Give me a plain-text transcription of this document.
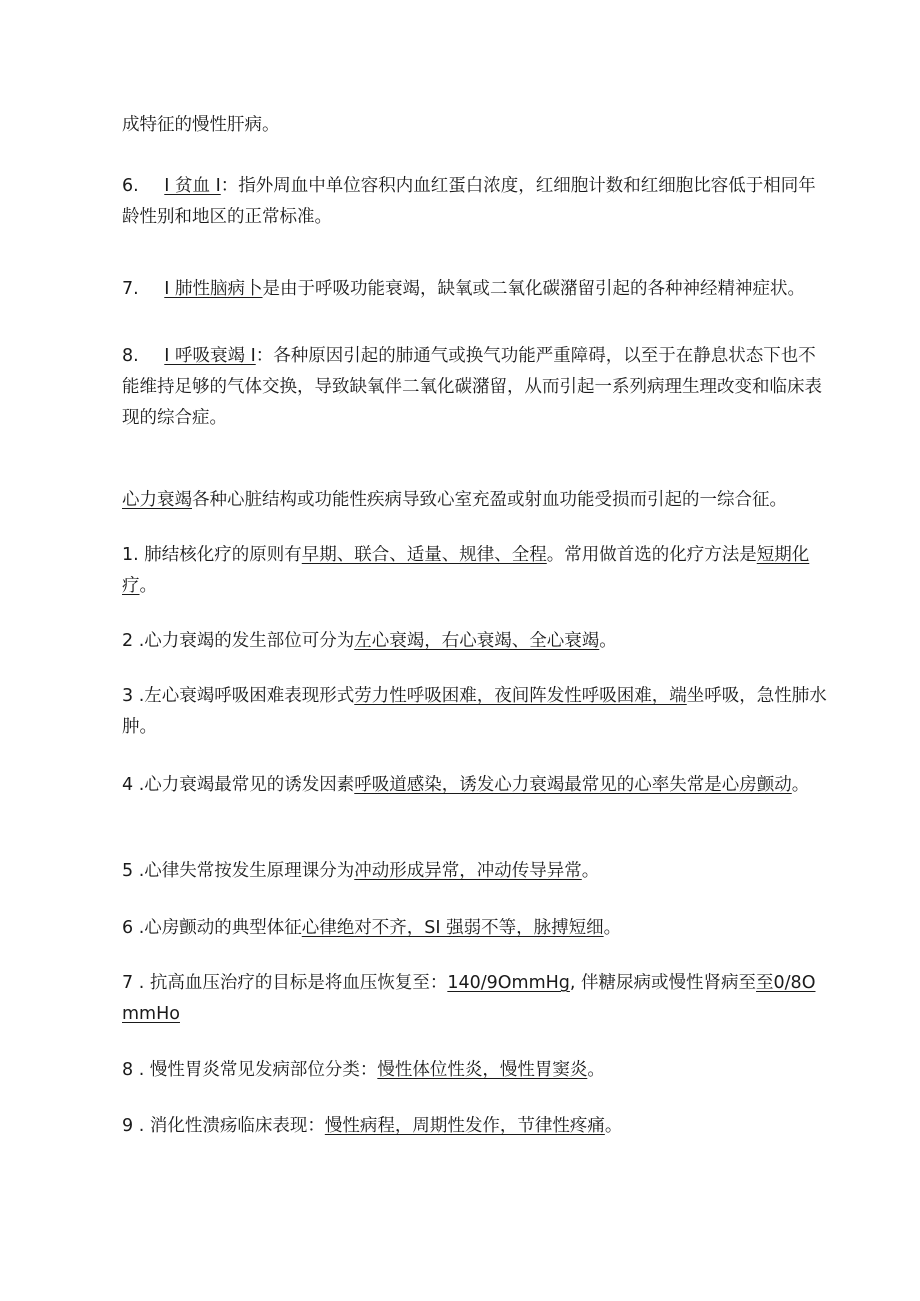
成特征的慢性肝病。

6. I 贫血 I：指外周血中单位容积内血红蛋白浓度，红细胞计数和红细胞比容低于相同年龄性别和地区的正常标准。

7. I 肺性脑病卜是由于呼吸功能衰竭，缺氧或二氧化碳潴留引起的各种神经精神症状。

8. I 呼吸衰竭 I：各种原因引起的肺通气或换气功能严重障碍，以至于在静息状态下也不能维持足够的气体交换，导致缺氧伴二氧化碳潴留，从而引起一系列病理生理改变和临床表现的综合症。

心力衰竭各种心脏结构或功能性疾病导致心室充盈或射血功能受损而引起的一综合征。

1. 肺结核化疗的原则有早期、联合、适量、规律、全程。常用做首选的化疗方法是短期化疗。

2 .心力衰竭的发生部位可分为左心衰竭，右心衰竭、全心衰竭。

3 .左心衰竭呼吸困难表现形式劳力性呼吸困难，夜间阵发性呼吸困难，端坐呼吸，急性肺水肿。

4 .心力衰竭最常见的诱发因素呼吸道感染，诱发心力衰竭最常见的心率失常是心房颤动。

5 .心律失常按发生原理课分为冲动形成异常，冲动传导异常。

6 .心房颤动的典型体征心律绝对不齐，SI 强弱不等，脉搏短细。

7 . 抗高血压治疗的目标是将血压恢复至：140/9OmmHg, 伴糖尿病或慢性肾病至至0/8OmmHo

8 . 慢性胃炎常见发病部位分类：慢性体位性炎，慢性胃窦炎。

9 . 消化性溃疡临床表现：慢性病程，周期性发作，节律性疼痛。
